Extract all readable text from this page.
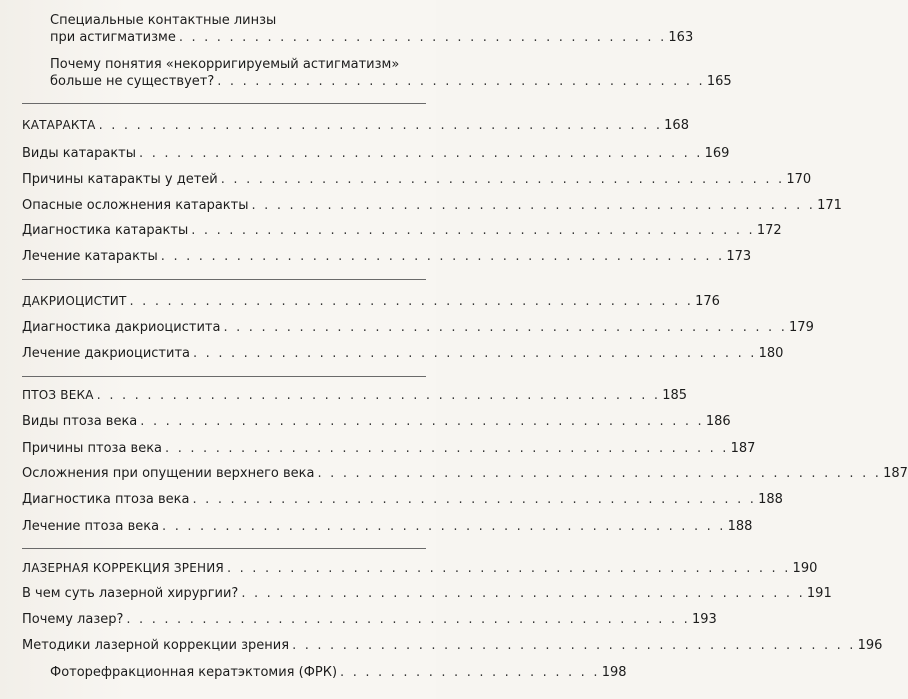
Специальные контактные линзы
при астигматизме . . . . . . . . . . . . . . . . . . . . . . . . . . . . . . . . . . . . . . . 163
Почему понятия «некорригируемый астигматизм»
больше не существует? . . . . . . . . . . . . . . . . . . . . . . . . . . . . . . . . . . . . . . . 165
КАТАРАКТА . . . . . . . . . . . . . . . . . . . . . . . . . . . . . . . . . . . . . . . . . . . . . 168
Виды катаракты . . . . . . . . . . . . . . . . . . . . . . . . . . . . . . . . . . . . . . . . . . . . . 169
Причины катаракты у детей . . . . . . . . . . . . . . . . . . . . . . . . . . . . . . . . . . . . . . . . . . . . . 170
Опасные осложнения катаракты . . . . . . . . . . . . . . . . . . . . . . . . . . . . . . . . . . . . . . . . . . . . . 171
Диагностика катаракты . . . . . . . . . . . . . . . . . . . . . . . . . . . . . . . . . . . . . . . . . . . . . 172
Лечение катаракты . . . . . . . . . . . . . . . . . . . . . . . . . . . . . . . . . . . . . . . . . . . . . 173
ДАКРИОЦИСТИТ . . . . . . . . . . . . . . . . . . . . . . . . . . . . . . . . . . . . . . . . . . . . . 176
Диагностика дакриоцистита . . . . . . . . . . . . . . . . . . . . . . . . . . . . . . . . . . . . . . . . . . . . . 179
Лечение дакриоцистита . . . . . . . . . . . . . . . . . . . . . . . . . . . . . . . . . . . . . . . . . . . . . 180
ПТОЗ ВЕКА . . . . . . . . . . . . . . . . . . . . . . . . . . . . . . . . . . . . . . . . . . . . . 185
Виды птоза века . . . . . . . . . . . . . . . . . . . . . . . . . . . . . . . . . . . . . . . . . . . . . 186
Причины птоза века . . . . . . . . . . . . . . . . . . . . . . . . . . . . . . . . . . . . . . . . . . . . . 187
Осложнения при опущении верхнего века . . . . . . . . . . . . . . . . . . . . . . . . . . . . . . . . . . . . . . . . . . . . . 187
Диагностика птоза века . . . . . . . . . . . . . . . . . . . . . . . . . . . . . . . . . . . . . . . . . . . . . 188
Лечение птоза века . . . . . . . . . . . . . . . . . . . . . . . . . . . . . . . . . . . . . . . . . . . . . 188
ЛАЗЕРНАЯ КОРРЕКЦИЯ ЗРЕНИЯ . . . . . . . . . . . . . . . . . . . . . . . . . . . . . . . . . . . . . . . . . . . . . 190
В чем суть лазерной хирургии? . . . . . . . . . . . . . . . . . . . . . . . . . . . . . . . . . . . . . . . . . . . . . 191
Почему лазер? . . . . . . . . . . . . . . . . . . . . . . . . . . . . . . . . . . . . . . . . . . . . . 193
Методики лазерной коррекции зрения . . . . . . . . . . . . . . . . . . . . . . . . . . . . . . . . . . . . . . . . . . . . . 196
Фоторефракционная кератэктомия (ФРК) . . . . . . . . . . . . . . . . . . . . . 198
